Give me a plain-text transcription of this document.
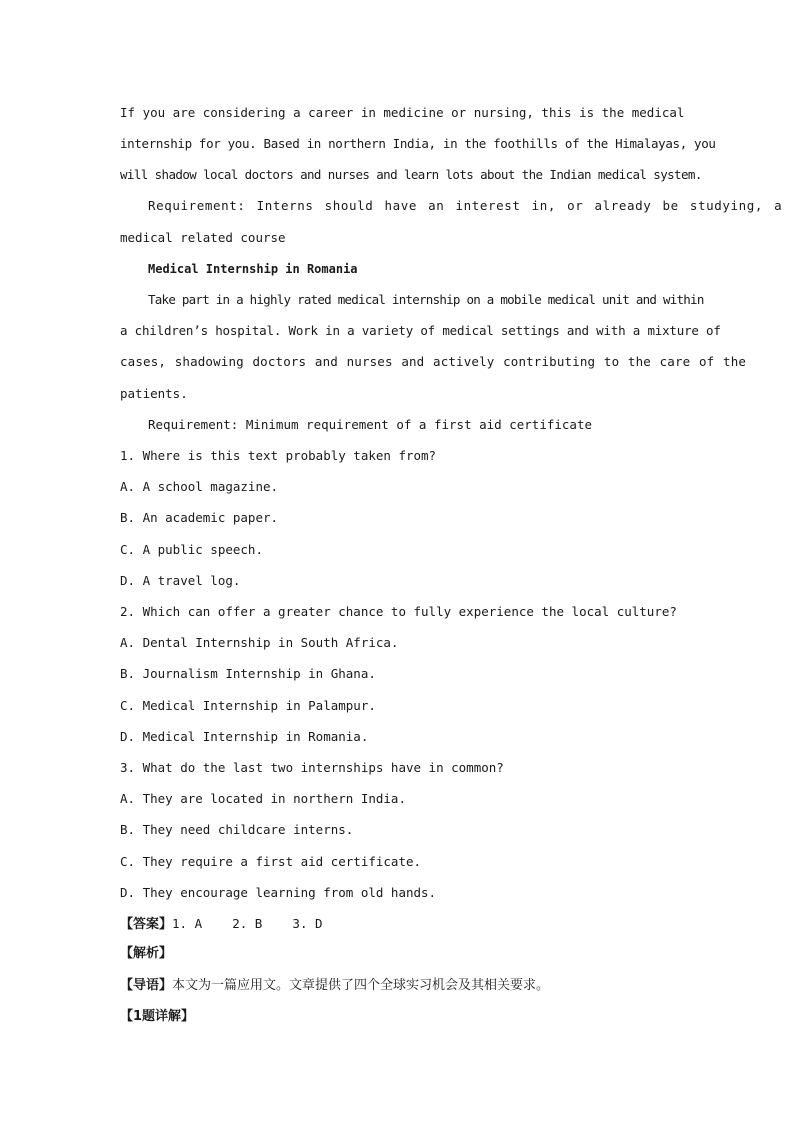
If you are considering a career in medicine or nursing, this is the medical
internship for you. Based in northern India, in the foothills of the Himalayas, you
will shadow local doctors and nurses and learn lots about the Indian medical system.
Requirement: Interns should have an interest in, or already be studying, a
medical related course
Medical Internship in Romania
Take part in a highly rated medical internship on a mobile medical unit and within
a children’s hospital. Work in a variety of medical settings and with a mixture of
cases, shadowing doctors and nurses and actively contributing to the care of the
patients.
Requirement: Minimum requirement of a first aid certificate
1. Where is this text probably taken from?
A. A school magazine.
B. An academic paper.
C. A public speech.
D. A travel log.
2. Which can offer a greater chance to fully experience the local culture?
A. Dental Internship in South Africa.
B. Journalism Internship in Ghana.
C. Medical Internship in Palampur.
D. Medical Internship in Romania.
3. What do the last two internships have in common?
A. They are located in northern India.
B. They need childcare interns.
C. They require a first aid certificate.
D. They encourage learning from old hands.
【答案】1. A    2. B    3. D
【解析】
【导语】本文为一篇应用文。文章提供了四个全球实习机会及其相关要求。
【1题详解】
